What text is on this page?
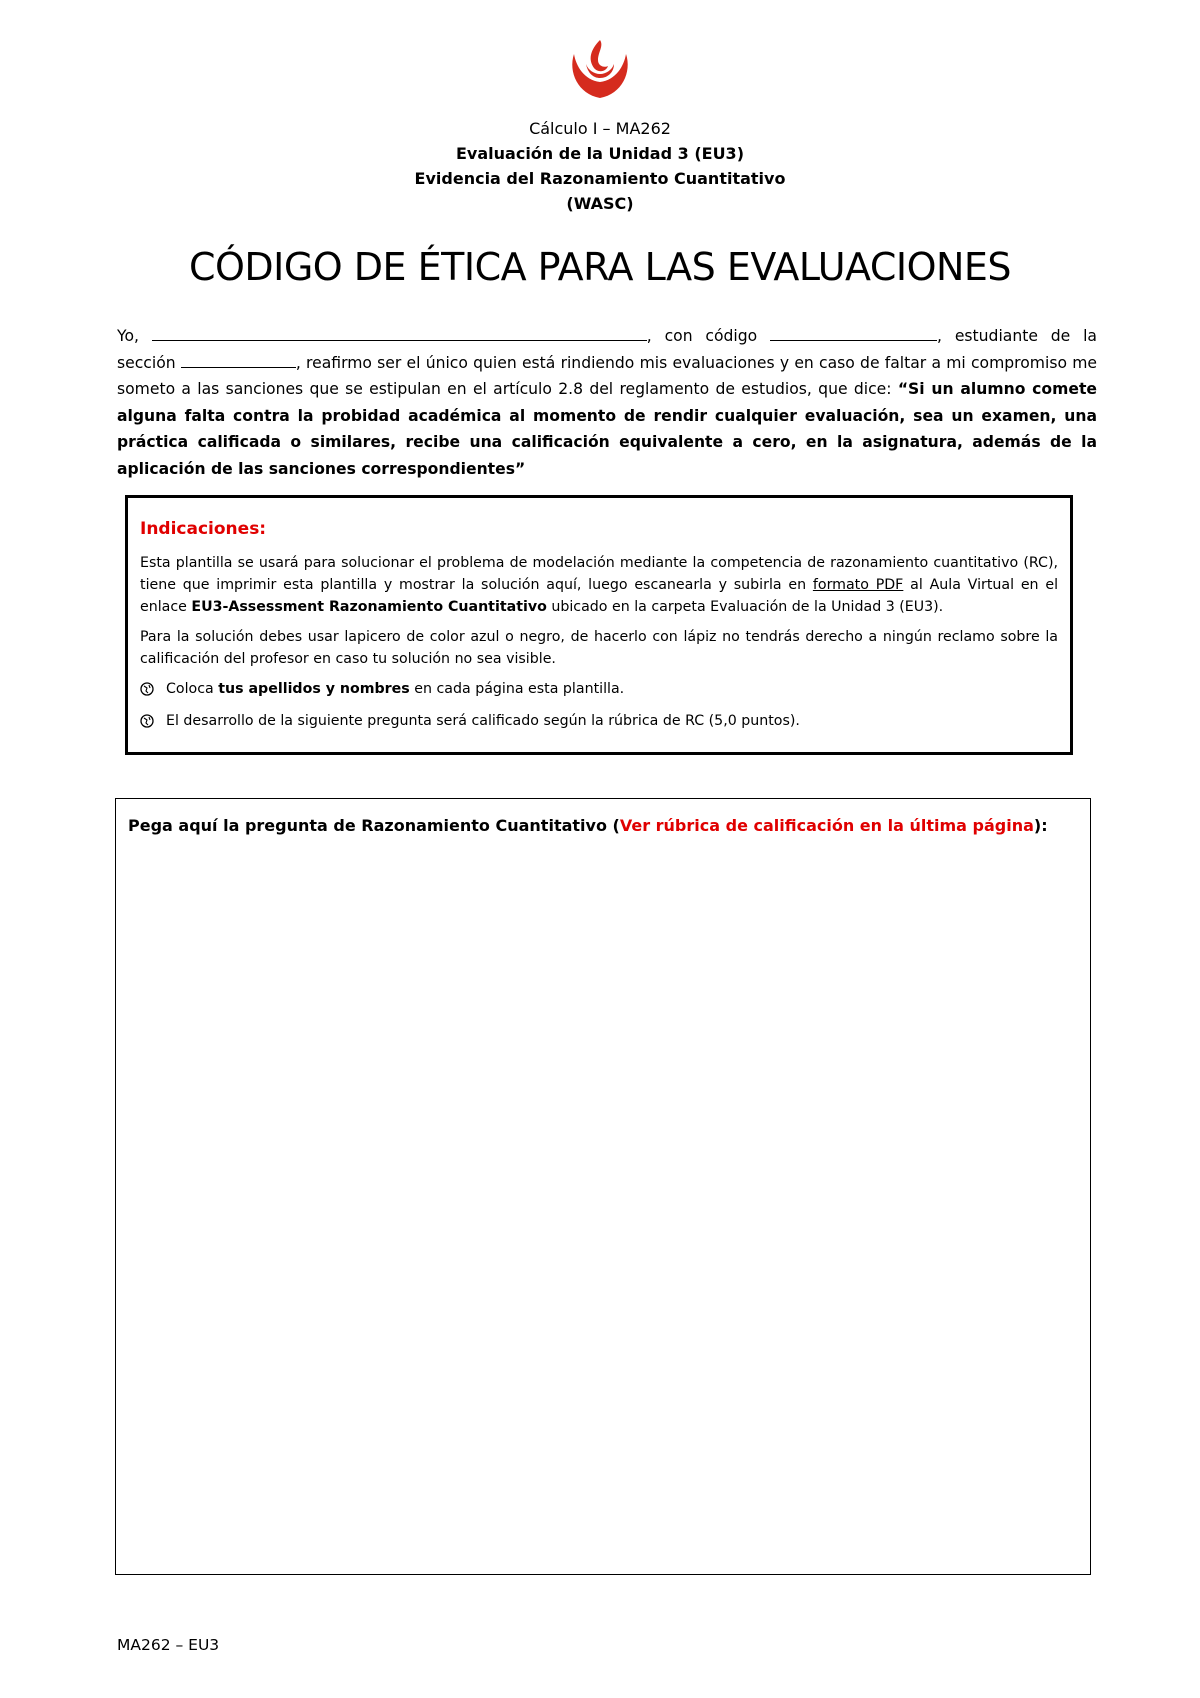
Cálculo I – MA262
Evaluación de la Unidad 3 (EU3)
Evidencia del Razonamiento Cuantitativo
(WASC)
CÓDIGO DE ÉTICA PARA LAS EVALUACIONES
Yo,	, con código	, estudiante de la sección	, reafirmo ser el único quien está rindiendo mis evaluaciones y en caso de faltar a mi compromiso me someto a las sanciones que se estipulan en el artículo 2.8 del reglamento de estudios, que dice: “Si un alumno comete alguna falta contra la probidad académica al momento de rendir cualquier evaluación, sea un examen, una práctica calificada o similares, recibe una calificación equivalente a cero, en la asignatura, además de la aplicación de las sanciones correspondientes”
Indicaciones:

Esta plantilla se usará para solucionar el problema de modelación mediante la competencia de razonamiento cuantitativo (RC), tiene que imprimir esta plantilla y mostrar la solución aquí, luego escanearla y subirla en formato PDF al Aula Virtual en el enlace EU3-Assessment Razonamiento Cuantitativo ubicado en la carpeta Evaluación de la Unidad 3 (EU3).

Para la solución debes usar lapicero de color azul o negro, de hacerlo con lápiz no tendrás derecho a ningún reclamo sobre la calificación del profesor en caso tu solución no sea visible.

Coloca tus apellidos y nombres en cada página esta plantilla.
El desarrollo de la siguiente pregunta será calificado según la rúbrica de RC (5,0 puntos).
Pega aquí la pregunta de Razonamiento Cuantitativo (Ver rúbrica de calificación en la última página):
MA262 – EU3
